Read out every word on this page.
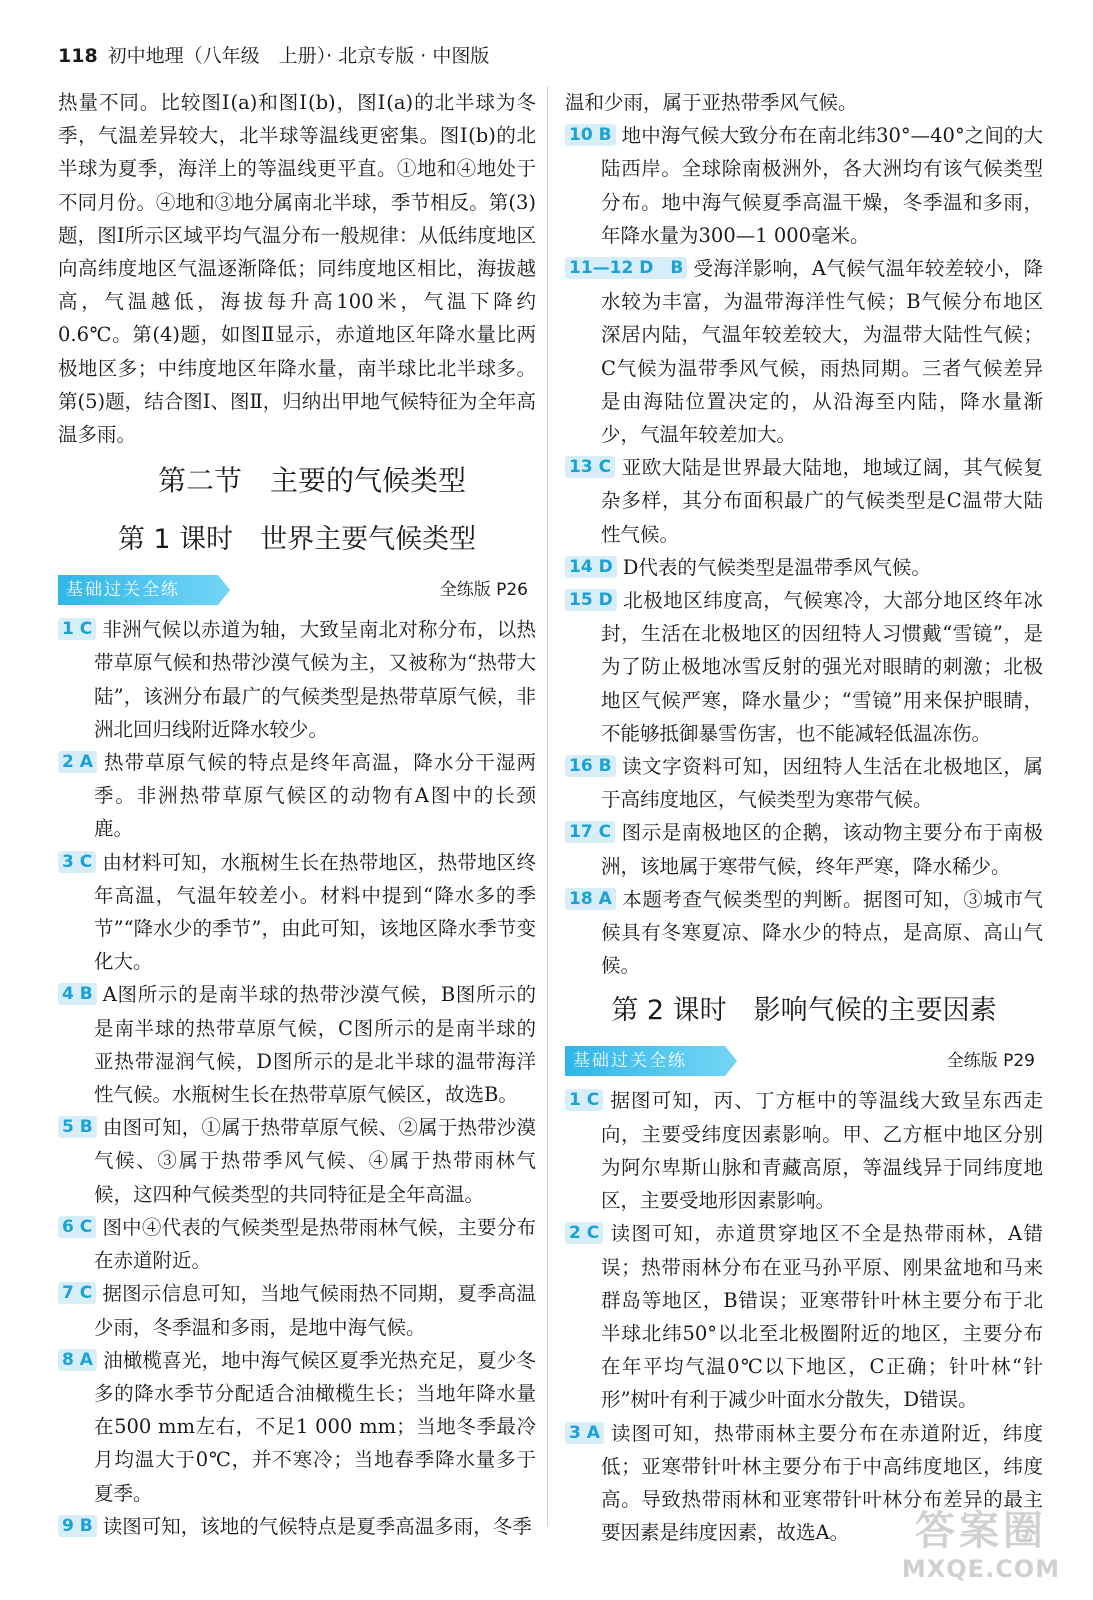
118 初中地理（八年级　上册）· 北京专版 · 中图版

热量不同。比较图Ⅰ(a)和图Ⅰ(b)，图Ⅰ(a)的北半球为冬季，气温差异较大，北半球等温线更密集。图Ⅰ(b)的北半球为夏季，海洋上的等温线更平直。①地和④地处于不同月份。④地和③地分属南北半球，季节相反。第(3)题，图Ⅰ所示区域平均气温分布一般规律：从低纬度地区向高纬度地区气温逐渐降低；同纬度地区相比，海拔越高，气温越低，海拔每升高100米，气温下降约0.6℃。第(4)题，如图Ⅱ显示，赤道地区年降水量比两极地区多；中纬度地区年降水量，南半球比北半球多。第(5)题，结合图Ⅰ、图Ⅱ，归纳出甲地气候特征为全年高温多雨。

第二节　主要的气候类型
第 1 课时　世界主要气候类型
基础过关全练	全练版 P26

1 C 非洲气候以赤道为轴，大致呈南北对称分布，以热带草原气候和热带沙漠气候为主，又被称为“热带大陆”，该洲分布最广的气候类型是热带草原气候，非洲北回归线附近降水较少。

2 A 热带草原气候的特点是终年高温，降水分干湿两季。非洲热带草原气候区的动物有A图中的长颈鹿。

3 C 由材料可知，水瓶树生长在热带地区，热带地区终年高温，气温年较差小。材料中提到“降水多的季节”“降水少的季节”，由此可知，该地区降水季节变化大。

4 B A图所示的是南半球的热带沙漠气候，B图所示的是南半球的热带草原气候，C图所示的是南半球的亚热带湿润气候，D图所示的是北半球的温带海洋性气候。水瓶树生长在热带草原气候区，故选B。

5 B 由图可知，①属于热带草原气候、②属于热带沙漠气候、③属于热带季风气候、④属于热带雨林气候，这四种气候类型的共同特征是全年高温。

6 C 图中④代表的气候类型是热带雨林气候，主要分布在赤道附近。

7 C 据图示信息可知，当地气候雨热不同期，夏季高温少雨，冬季温和多雨，是地中海气候。

8 A 油橄榄喜光，地中海气候区夏季光热充足，夏少冬多的降水季节分配适合油橄榄生长；当地年降水量在500 mm左右，不足1 000 mm；当地冬季最冷月均温大于0℃，并不寒冷；当地春季降水量多于夏季。

9 B 读图可知，该地的气候特点是夏季高温多雨，冬季

温和少雨，属于亚热带季风气候。

10 B 地中海气候大致分布在南北纬30°—40°之间的大陆西岸。全球除南极洲外，各大洲均有该气候类型分布。地中海气候夏季高温干燥，冬季温和多雨，年降水量为300—1 000毫米。

11—12 D　B 受海洋影响，A气候气温年较差较小，降水较为丰富，为温带海洋性气候；B气候分布地区深居内陆，气温年较差较大，为温带大陆性气候；C气候为温带季风气候，雨热同期。三者气候差异是由海陆位置决定的，从沿海至内陆，降水量渐少，气温年较差加大。

13 C 亚欧大陆是世界最大陆地，地域辽阔，其气候复杂多样，其分布面积最广的气候类型是C温带大陆性气候。

14 D D代表的气候类型是温带季风气候。

15 D 北极地区纬度高，气候寒冷，大部分地区终年冰封，生活在北极地区的因纽特人习惯戴“雪镜”，是为了防止极地冰雪反射的强光对眼睛的刺激；北极地区气候严寒，降水量少；“雪镜”用来保护眼睛，不能够抵御暴雪伤害，也不能减轻低温冻伤。

16 B 读文字资料可知，因纽特人生活在北极地区，属于高纬度地区，气候类型为寒带气候。

17 C 图示是南极地区的企鹅，该动物主要分布于南极洲，该地属于寒带气候，终年严寒，降水稀少。

18 A 本题考查气候类型的判断。据图可知，③城市气候具有冬寒夏凉、降水少的特点，是高原、高山气候。

第 2 课时　影响气候的主要因素
基础过关全练	全练版 P29

1 C 据图可知，丙、丁方框中的等温线大致呈东西走向，主要受纬度因素影响。甲、乙方框中地区分别为阿尔卑斯山脉和青藏高原，等温线异于同纬度地区，主要受地形因素影响。

2 C 读图可知，赤道贯穿地区不全是热带雨林，A错误；热带雨林分布在亚马孙平原、刚果盆地和马来群岛等地区，B错误；亚寒带针叶林主要分布于北半球北纬50°以北至北极圈附近的地区，主要分布在年平均气温0℃以下地区，C正确；针叶林“针形”树叶有利于减少叶面水分散失，D错误。

3 A 读图可知，热带雨林主要分布在赤道附近，纬度低；亚寒带针叶林主要分布于中高纬度地区，纬度高。导致热带雨林和亚寒带针叶林分布差异的最主要因素是纬度因素，故选A。	答案圈
MXQE.COM
